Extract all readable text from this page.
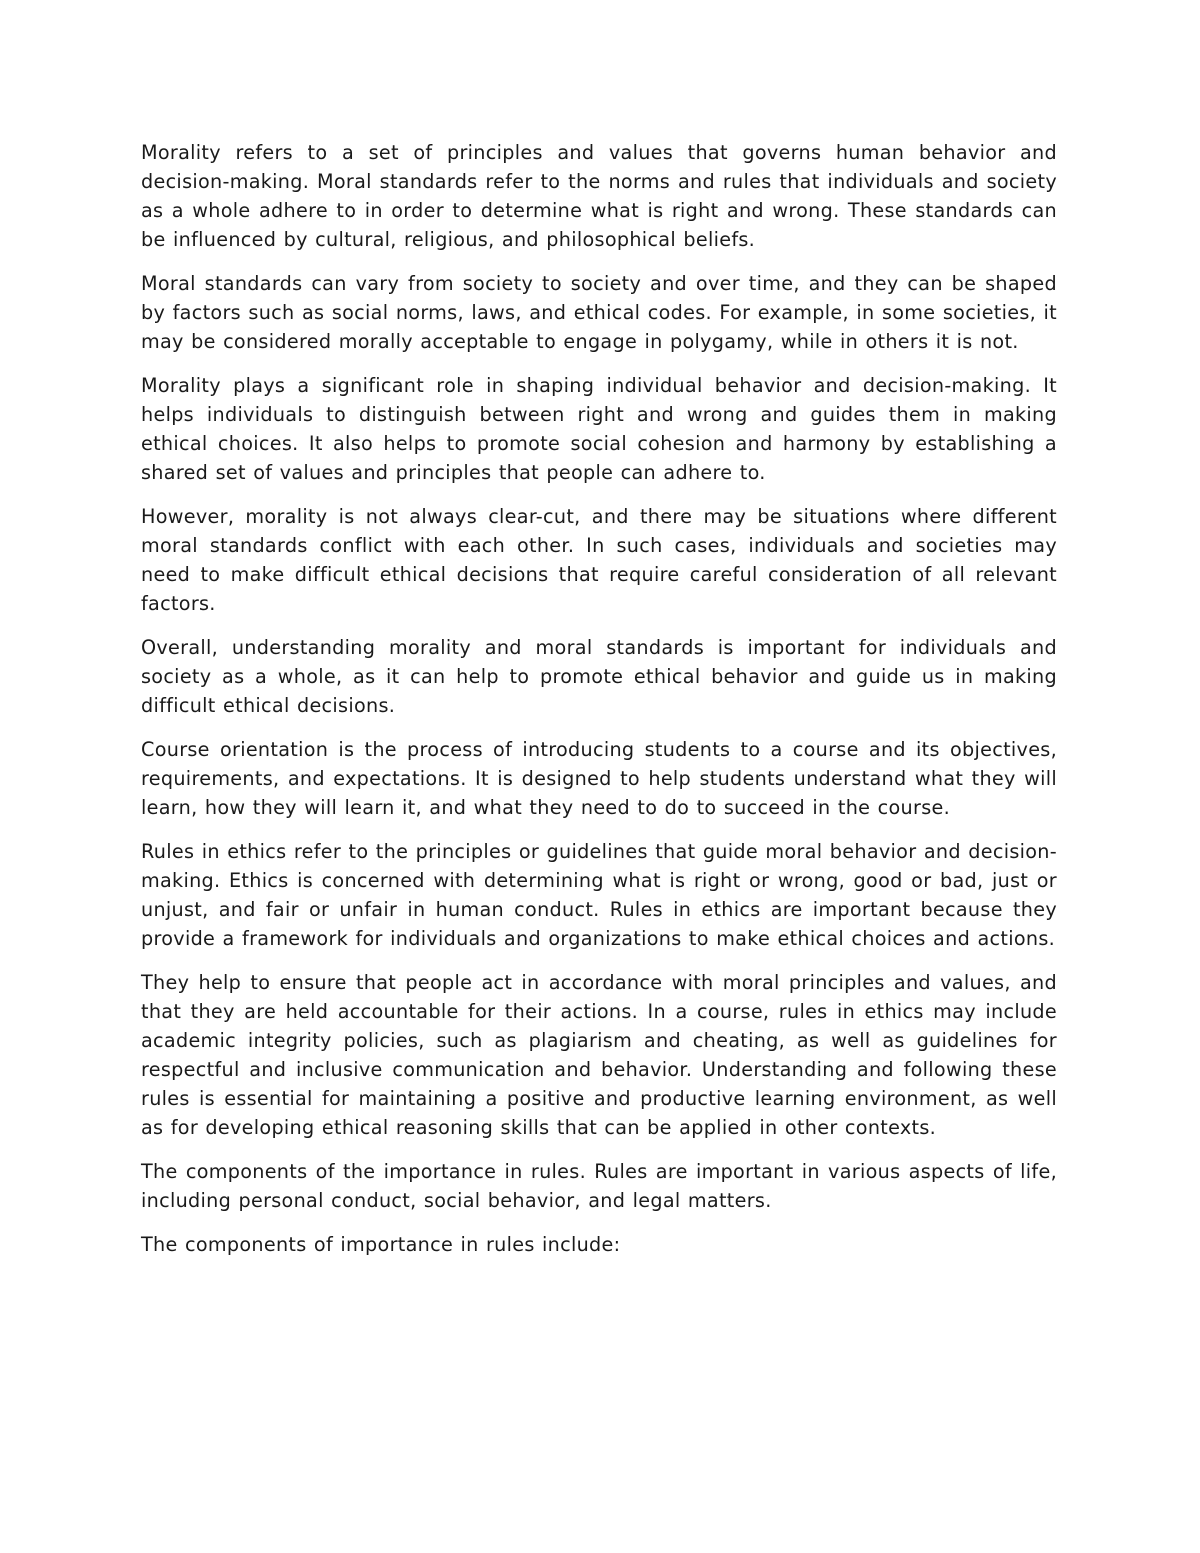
Morality refers to a set of principles and values that governs human behavior and decision-making. Moral standards refer to the norms and rules that individuals and society as a whole adhere to in order to determine what is right and wrong. These standards can be influenced by cultural, religious, and philosophical beliefs.

Moral standards can vary from society to society and over time, and they can be shaped by factors such as social norms, laws, and ethical codes. For example, in some societies, it may be considered morally acceptable to engage in polygamy, while in others it is not.

Morality plays a significant role in shaping individual behavior and decision-making. It helps individuals to distinguish between right and wrong and guides them in making ethical choices. It also helps to promote social cohesion and harmony by establishing a shared set of values and principles that people can adhere to.

However, morality is not always clear-cut, and there may be situations where different moral standards conflict with each other. In such cases, individuals and societies may need to make difficult ethical decisions that require careful consideration of all relevant factors.

Overall, understanding morality and moral standards is important for individuals and society as a whole, as it can help to promote ethical behavior and guide us in making difficult ethical decisions.

Course orientation is the process of introducing students to a course and its objectives, requirements, and expectations. It is designed to help students understand what they will learn, how they will learn it, and what they need to do to succeed in the course.

Rules in ethics refer to the principles or guidelines that guide moral behavior and decision-making. Ethics is concerned with determining what is right or wrong, good or bad, just or unjust, and fair or unfair in human conduct. Rules in ethics are important because they provide a framework for individuals and organizations to make ethical choices and actions.

They help to ensure that people act in accordance with moral principles and values, and that they are held accountable for their actions. In a course, rules in ethics may include academic integrity policies, such as plagiarism and cheating, as well as guidelines for respectful and inclusive communication and behavior. Understanding and following these rules is essential for maintaining a positive and productive learning environment, as well as for developing ethical reasoning skills that can be applied in other contexts.

The components of the importance in rules. Rules are important in various aspects of life, including personal conduct, social behavior, and legal matters.

The components of importance in rules include:
